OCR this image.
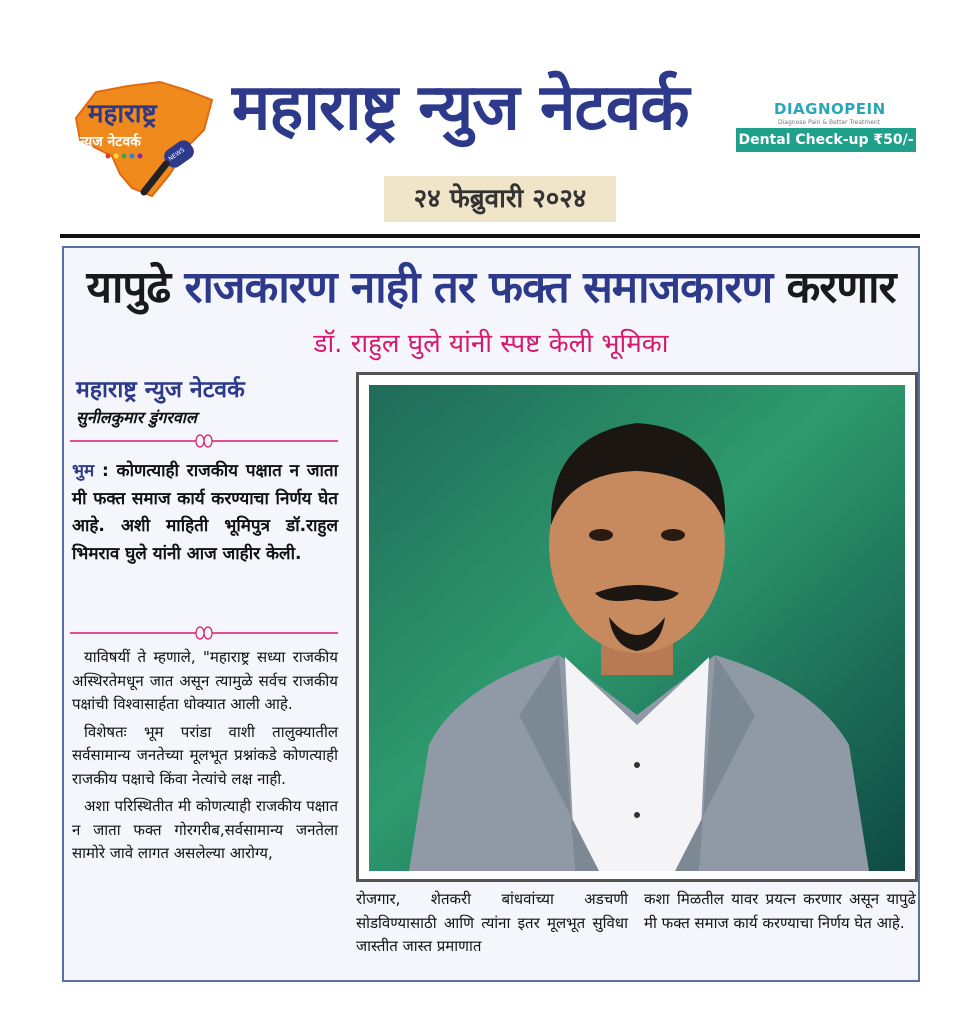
महाराष्ट्र
न्युज नेटवर्क
NEWS
महाराष्ट्र न्युज नेटवर्क
२४ फेब्रुवारी २०२४
DIAGNOPEIN
Diagnose Pain & Better Treatment
Dental Check-up ₹50/-
यापुढे राजकारण नाही तर फक्त समाजकारण करणार
डॉ. राहुल घुले यांनी स्पष्ट केली भूमिका
महाराष्ट्र न्युज नेटवर्क
सुनीलकुमार डुंगरवाल
भुम : कोणत्याही राजकीय पक्षात न जाता मी फक्त समाज कार्य करण्याचा निर्णय घेत आहे. अशी माहिती भूमिपुत्र डॉ.राहुल भिमराव घुले यांनी आज जाहीर केली.

याविषयीं ते म्हणाले, "महाराष्ट्र सध्या राजकीय अस्थिरतेमधून जात असून त्यामुळे सर्वच राजकीय पक्षांची विश्वासार्हता धोक्यात आली आहे.

विशेषतः भूम परांडा वाशी तालुक्यातील सर्वसामान्य जनतेच्या मूलभूत प्रश्नांकडे कोणत्याही राजकीय पक्षाचे किंवा नेत्यांचे लक्ष नाही.

अशा परिस्थितीत मी कोणत्याही राजकीय पक्षात न जाता फक्त गोरगरीब,सर्वसामान्य जनतेला सामोरे जावे लागत असलेल्या आरोग्य,

रोजगार, शेतकरी बांधवांच्या अडचणी सोडविण्यासाठी आणि त्यांना इतर मूलभूत सुविधा जास्तीत जास्त प्रमाणात
कशा मिळतील यावर प्रयत्न करणार असून यापुढे मी फक्त समाज कार्य करण्याचा निर्णय घेत आहे.
